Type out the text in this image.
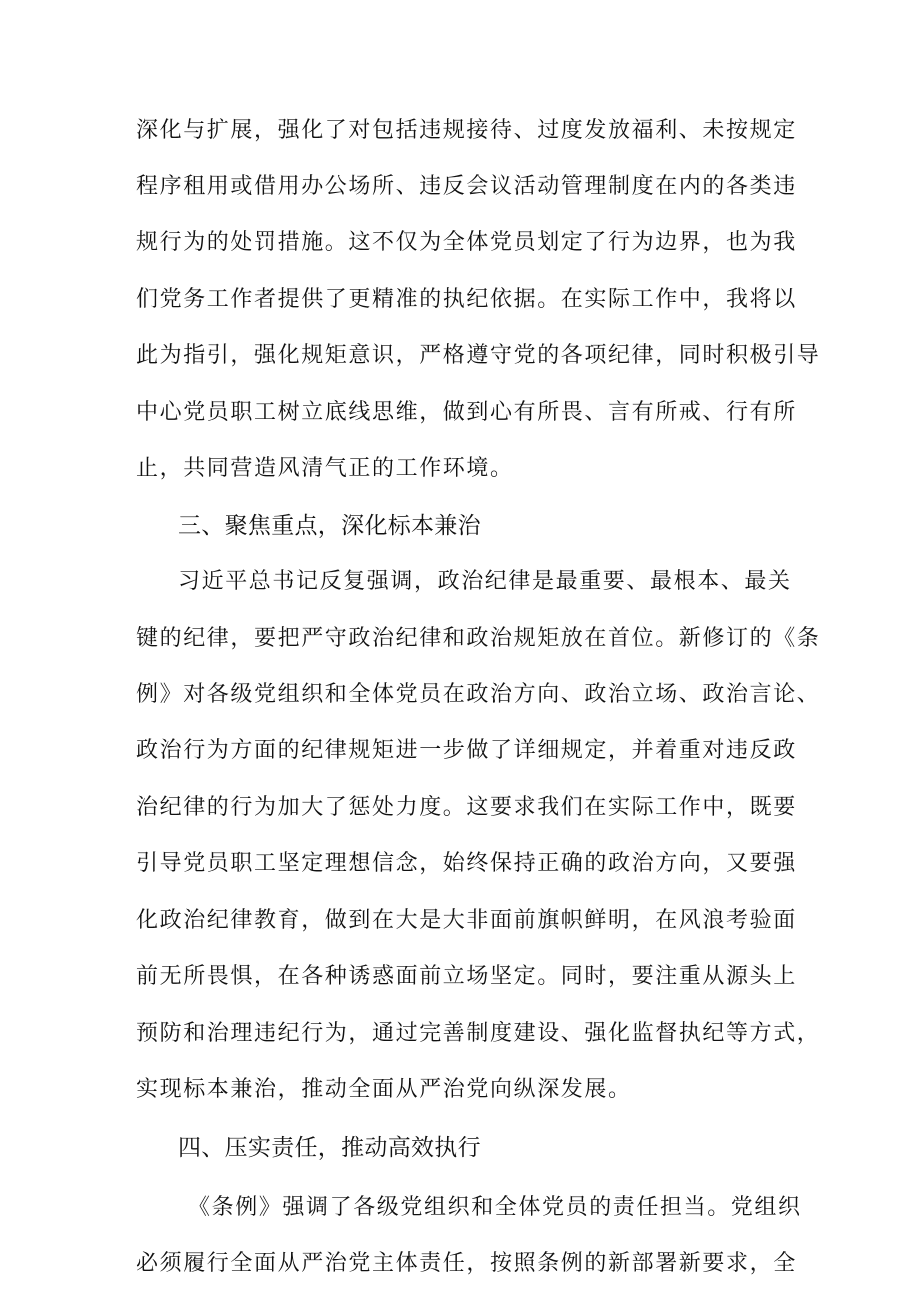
深化与扩展，强化了对包括违规接待、过度发放福利、未按规定
程序租用或借用办公场所、违反会议活动管理制度在内的各类违
规行为的处罚措施。这不仅为全体党员划定了行为边界，也为我
们党务工作者提供了更精准的执纪依据。在实际工作中，我将以
此为指引，强化规矩意识，严格遵守党的各项纪律，同时积极引导
中心党员职工树立底线思维，做到心有所畏、言有所戒、行有所
止，共同营造风清气正的工作环境。
三、聚焦重点，深化标本兼治
习近平总书记反复强调，政治纪律是最重要、最根本、最关
键的纪律，要把严守政治纪律和政治规矩放在首位。新修订的《条
例》对各级党组织和全体党员在政治方向、政治立场、政治言论、
政治行为方面的纪律规矩进一步做了详细规定，并着重对违反政
治纪律的行为加大了惩处力度。这要求我们在实际工作中，既要
引导党员职工坚定理想信念，始终保持正确的政治方向，又要强
化政治纪律教育，做到在大是大非面前旗帜鲜明，在风浪考验面
前无所畏惧，在各种诱惑面前立场坚定。同时，要注重从源头上
预防和治理违纪行为，通过完善制度建设、强化监督执纪等方式，
实现标本兼治，推动全面从严治党向纵深发展。
四、压实责任，推动高效执行
《条例》强调了各级党组织和全体党员的责任担当。党组织
必须履行全面从严治党主体责任，按照条例的新部署新要求，全
